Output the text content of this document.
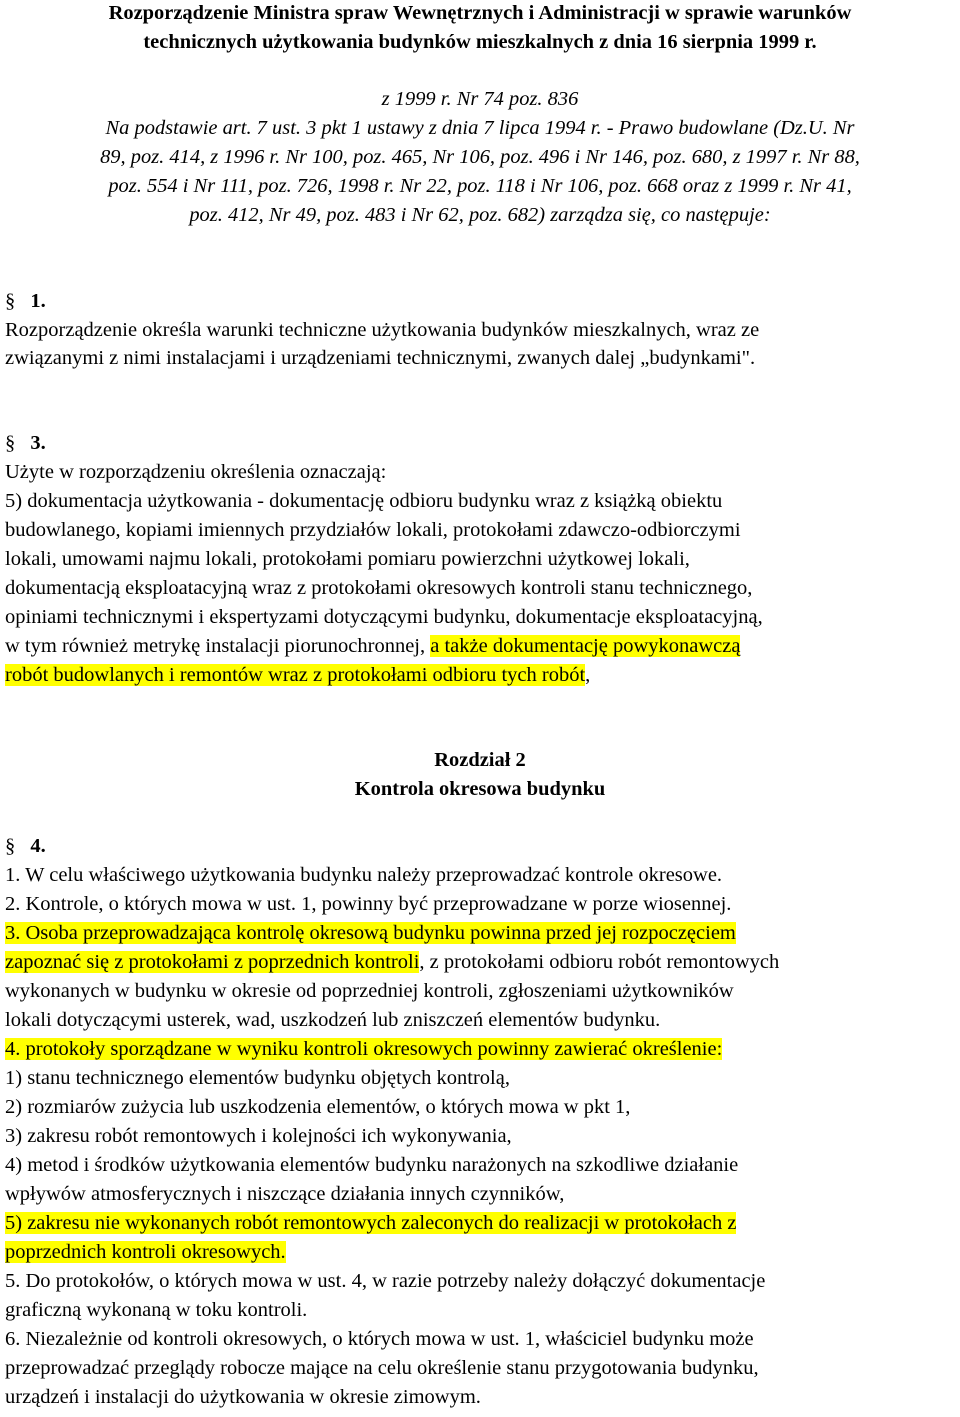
Rozporządzenie Ministra spraw Wewnętrznych i Administracji w sprawie warunków
technicznych użytkowania budynków mieszkalnych z dnia 16 sierpnia 1999 r.
z 1999 r. Nr 74 poz. 836
Na podstawie art. 7 ust. 3 pkt 1 ustawy z dnia 7 lipca 1994 r. - Prawo budowlane (Dz.U. Nr
89, poz. 414, z 1996 r. Nr 100, poz. 465, Nr 106, poz. 496 i Nr 146, poz. 680, z 1997 r. Nr 88,
poz. 554 i Nr 111, poz. 726, 1998 r. Nr 22, poz. 118 i Nr 106, poz. 668 oraz z 1999 r. Nr 41,
poz. 412, Nr 49, poz. 483 i Nr 62, poz. 682) zarządza się, co następuje:
§ 1.
Rozporządzenie określa warunki techniczne użytkowania budynków mieszkalnych, wraz ze
związanymi z nimi instalacjami i urządzeniami technicznymi, zwanych dalej „budynkami".
§ 3.
Użyte w rozporządzeniu określenia oznaczają:
5) dokumentacja użytkowania - dokumentację odbioru budynku wraz z książką obiektu
budowlanego, kopiami imiennych przydziałów lokali, protokołami zdawczo-odbiorczymi
lokali, umowami najmu lokali, protokołami pomiaru powierzchni użytkowej lokali,
dokumentacją eksploatacyjną wraz z protokołami okresowych kontroli stanu technicznego,
opiniami technicznymi i ekspertyzami dotyczącymi budynku, dokumentacje eksploatacyjną,
w tym również metrykę instalacji piorunochronnej, a także dokumentację powykonawczą
robót budowlanych i remontów wraz z protokołami odbioru tych robót,
Rozdział 2
Kontrola okresowa budynku
§ 4.
1. W celu właściwego użytkowania budynku należy przeprowadzać kontrole okresowe.
2. Kontrole, o których mowa w ust. 1, powinny być przeprowadzane w porze wiosennej.
3. Osoba przeprowadzająca kontrolę okresową budynku powinna przed jej rozpoczęciem
zapoznać się z protokołami z poprzednich kontroli, z protokołami odbioru robót remontowych
wykonanych w budynku w okresie od poprzedniej kontroli, zgłoszeniami użytkowników
lokali dotyczącymi usterek, wad, uszkodzeń lub zniszczeń elementów budynku.
4. protokoły sporządzane w wyniku kontroli okresowych powinny zawierać określenie:
1) stanu technicznego elementów budynku objętych kontrolą,
2) rozmiarów zużycia lub uszkodzenia elementów, o których mowa w pkt 1,
3) zakresu robót remontowych i kolejności ich wykonywania,
4) metod i środków użytkowania elementów budynku narażonych na szkodliwe działanie
wpływów atmosferycznych i niszczące działania innych czynników,
5) zakresu nie wykonanych robót remontowych zaleconych do realizacji w protokołach z
poprzednich kontroli okresowych.
5. Do protokołów, o których mowa w ust. 4, w razie potrzeby należy dołączyć dokumentacje
graficzną wykonaną w toku kontroli.
6. Niezależnie od kontroli okresowych, o których mowa w ust. 1, właściciel budynku może
przeprowadzać przeglądy robocze mające na celu określenie stanu przygotowania budynku,
urządzeń i instalacji do użytkowania w okresie zimowym.
